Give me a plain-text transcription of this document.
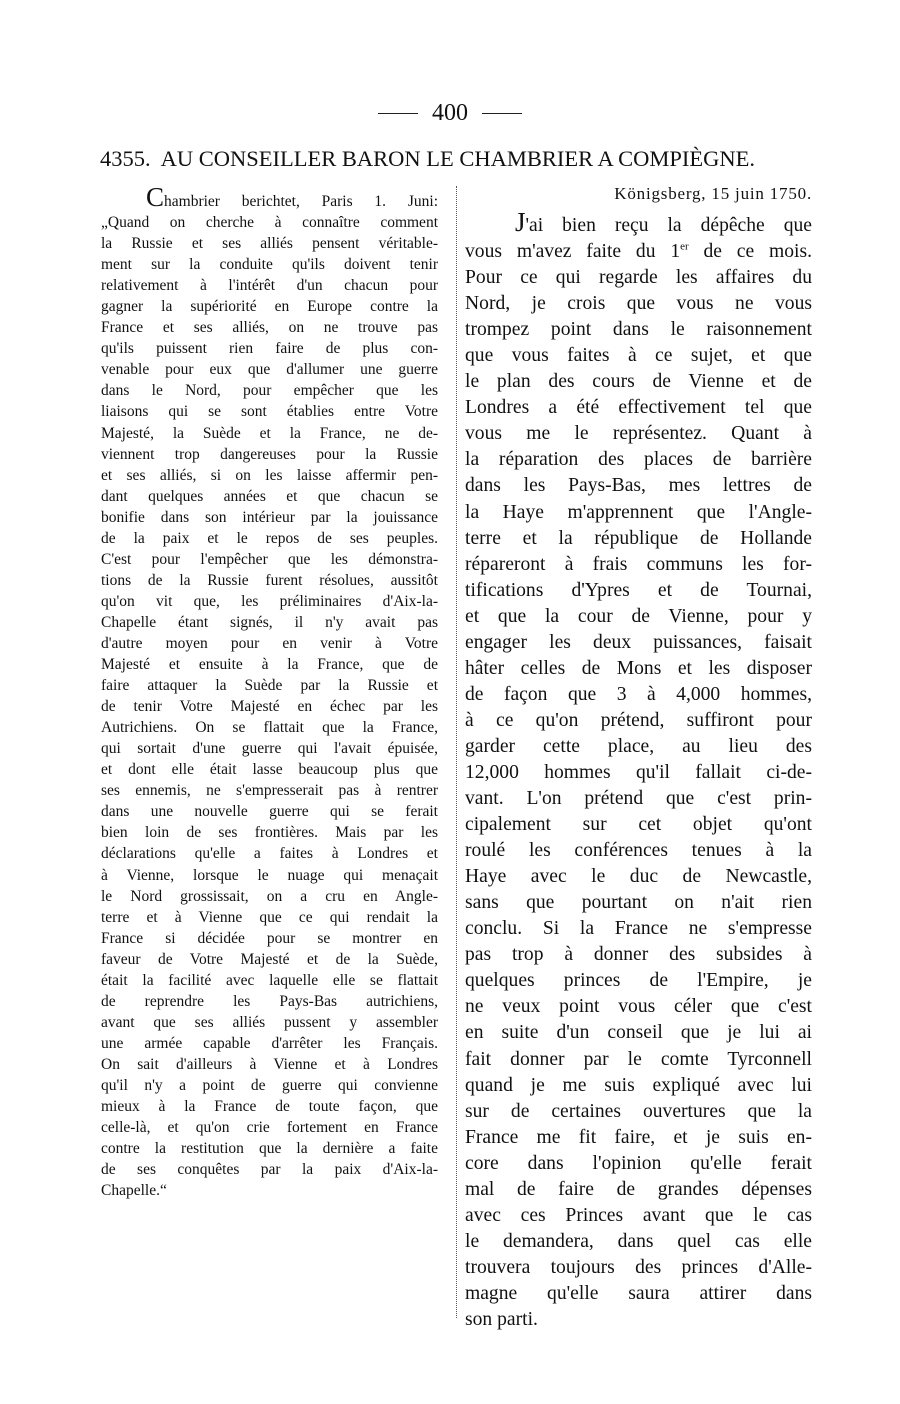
400
4355. AU CONSEILLER BARON LE CHAMBRIER A COMPIÈGNE.
Chambrier berichtet, Paris 1. Juni:
„Quand on cherche à connaître comment
la Russie et ses alliés pensent véritable-
ment sur la conduite qu'ils doivent tenir
relativement à l'intérêt d'un chacun pour
gagner la supériorité en Europe contre la
France et ses alliés, on ne trouve pas
qu'ils puissent rien faire de plus con-
venable pour eux que d'allumer une guerre
dans le Nord, pour empêcher que les
liaisons qui se sont établies entre Votre
Majesté, la Suède et la France, ne de-
viennent trop dangereuses pour la Russie
et ses alliés, si on les laisse affermir pen-
dant quelques années et que chacun se
bonifie dans son intérieur par la jouissance
de la paix et le repos de ses peuples.
C'est pour l'empêcher que les démonstra-
tions de la Russie furent résolues, aussitôt
qu'on vit que, les préliminaires d'Aix-la-
Chapelle étant signés, il n'y avait pas
d'autre moyen pour en venir à Votre
Majesté et ensuite à la France, que de
faire attaquer la Suède par la Russie et
de tenir Votre Majesté en échec par les
Autrichiens. On se flattait que la France,
qui sortait d'une guerre qui l'avait épuisée,
et dont elle était lasse beaucoup plus que
ses ennemis, ne s'empresserait pas à rentrer
dans une nouvelle guerre qui se ferait
bien loin de ses frontières. Mais par les
déclarations qu'elle a faites à Londres et
à Vienne, lorsque le nuage qui menaçait
le Nord grossissait, on a cru en Angle-
terre et à Vienne que ce qui rendait la
France si décidée pour se montrer en
faveur de Votre Majesté et de la Suède,
était la facilité avec laquelle elle se flattait
de reprendre les Pays-Bas autrichiens,
avant que ses alliés pussent y assembler
une armée capable d'arrêter les Français.
On sait d'ailleurs à Vienne et à Londres
qu'il n'y a point de guerre qui convienne
mieux à la France de toute façon, que
celle-là, et qu'on crie fortement en France
contre la restitution que la dernière a faite
de ses conquêtes par la paix d'Aix-la-
Chapelle.“
Königsberg, 15 juin 1750.
J'ai bien reçu la dépêche que
vous m'avez faite du 1er de ce mois.
Pour ce qui regarde les affaires du
Nord, je crois que vous ne vous
trompez point dans le raisonnement
que vous faites à ce sujet, et que
le plan des cours de Vienne et de
Londres a été effectivement tel que
vous me le représentez. Quant à
la réparation des places de barrière
dans les Pays-Bas, mes lettres de
la Haye m'apprennent que l'Angle-
terre et la république de Hollande
répareront à frais communs les for-
tifications d'Ypres et de Tournai,
et que la cour de Vienne, pour y
engager les deux puissances, faisait
hâter celles de Mons et les disposer
de façon que 3 à 4,000 hommes,
à ce qu'on prétend, suffiront pour
garder cette place, au lieu des
12,000 hommes qu'il fallait ci-de-
vant. L'on prétend que c'est prin-
cipalement sur cet objet qu'ont
roulé les conférences tenues à la
Haye avec le duc de Newcastle,
sans que pourtant on n'ait rien
conclu. Si la France ne s'empresse
pas trop à donner des subsides à
quelques princes de l'Empire, je
ne veux point vous céler que c'est
en suite d'un conseil que je lui ai
fait donner par le comte Tyrconnell
quand je me suis expliqué avec lui
sur de certaines ouvertures que la
France me fit faire, et je suis en-
core dans l'opinion qu'elle ferait
mal de faire de grandes dépenses
avec ces Princes avant que le cas
le demandera, dans quel cas elle
trouvera toujours des princes d'Alle-
magne qu'elle saura attirer dans
son parti.
